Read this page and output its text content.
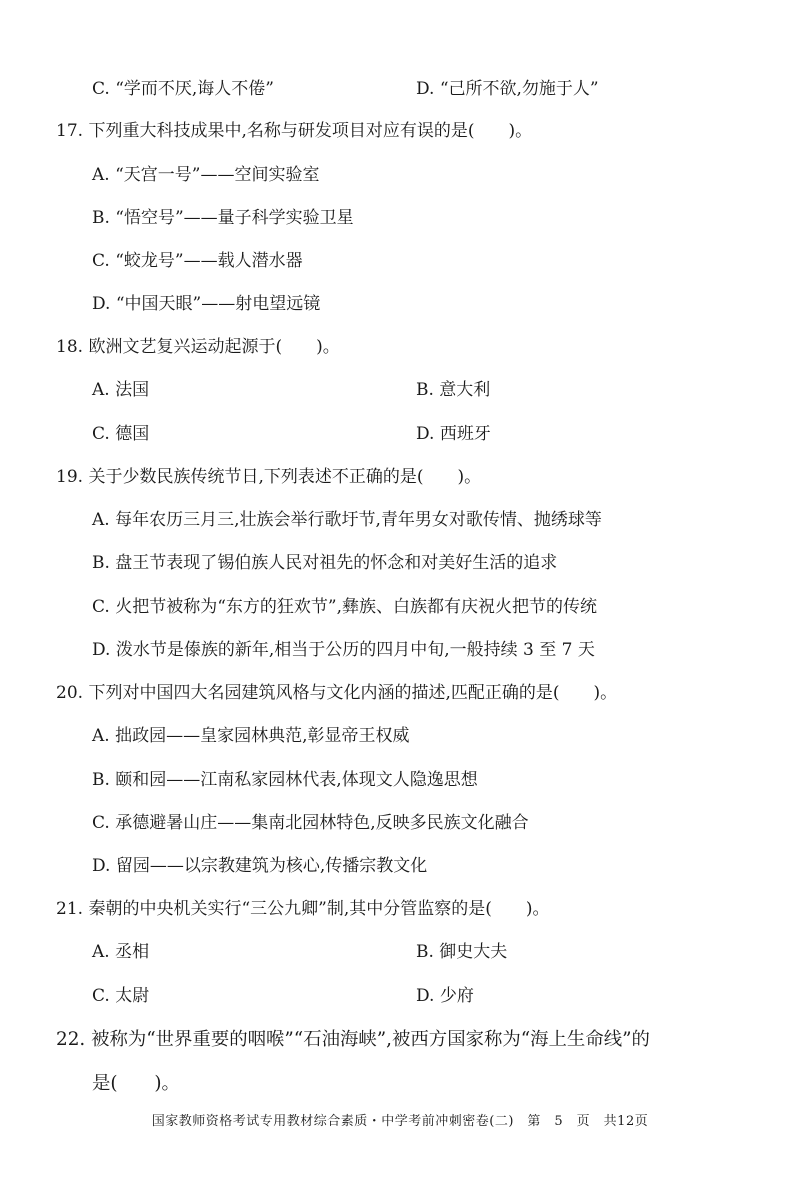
C. “学而不厌,诲人不倦”	D. “己所不欲,勿施于人”
17. 下列重大科技成果中,名称与研发项目对应有误的是(　　)。
A. “天宫一号”——空间实验室
B. “悟空号”——量子科学实验卫星
C. “蛟龙号”——载人潜水器
D. “中国天眼”——射电望远镜
18. 欧洲文艺复兴运动起源于(　　)。
A. 法国	B. 意大利
C. 德国	D. 西班牙
19. 关于少数民族传统节日,下列表述不正确的是(　　)。
A. 每年农历三月三,壮族会举行歌圩节,青年男女对歌传情、抛绣球等
B. 盘王节表现了锡伯族人民对祖先的怀念和对美好生活的追求
C. 火把节被称为“东方的狂欢节”,彝族、白族都有庆祝火把节的传统
D. 泼水节是傣族的新年,相当于公历的四月中旬,一般持续 3 至 7 天
20. 下列对中国四大名园建筑风格与文化内涵的描述,匹配正确的是(　　)。
A. 拙政园——皇家园林典范,彰显帝王权威
B. 颐和园——江南私家园林代表,体现文人隐逸思想
C. 承德避暑山庄——集南北园林特色,反映多民族文化融合
D. 留园——以宗教建筑为核心,传播宗教文化
21. 秦朝的中央机关实行“三公九卿”制,其中分管监察的是(　　)。
A. 丞相	B. 御史大夫
C. 太尉	D. 少府
22. 被称为“世界重要的咽喉”“石油海峡”,被西方国家称为“海上生命线”的
是(　　)。
国家教师资格考试专用教材综合素质・中学考前冲刺密卷(二)　第　5　页　共12页
